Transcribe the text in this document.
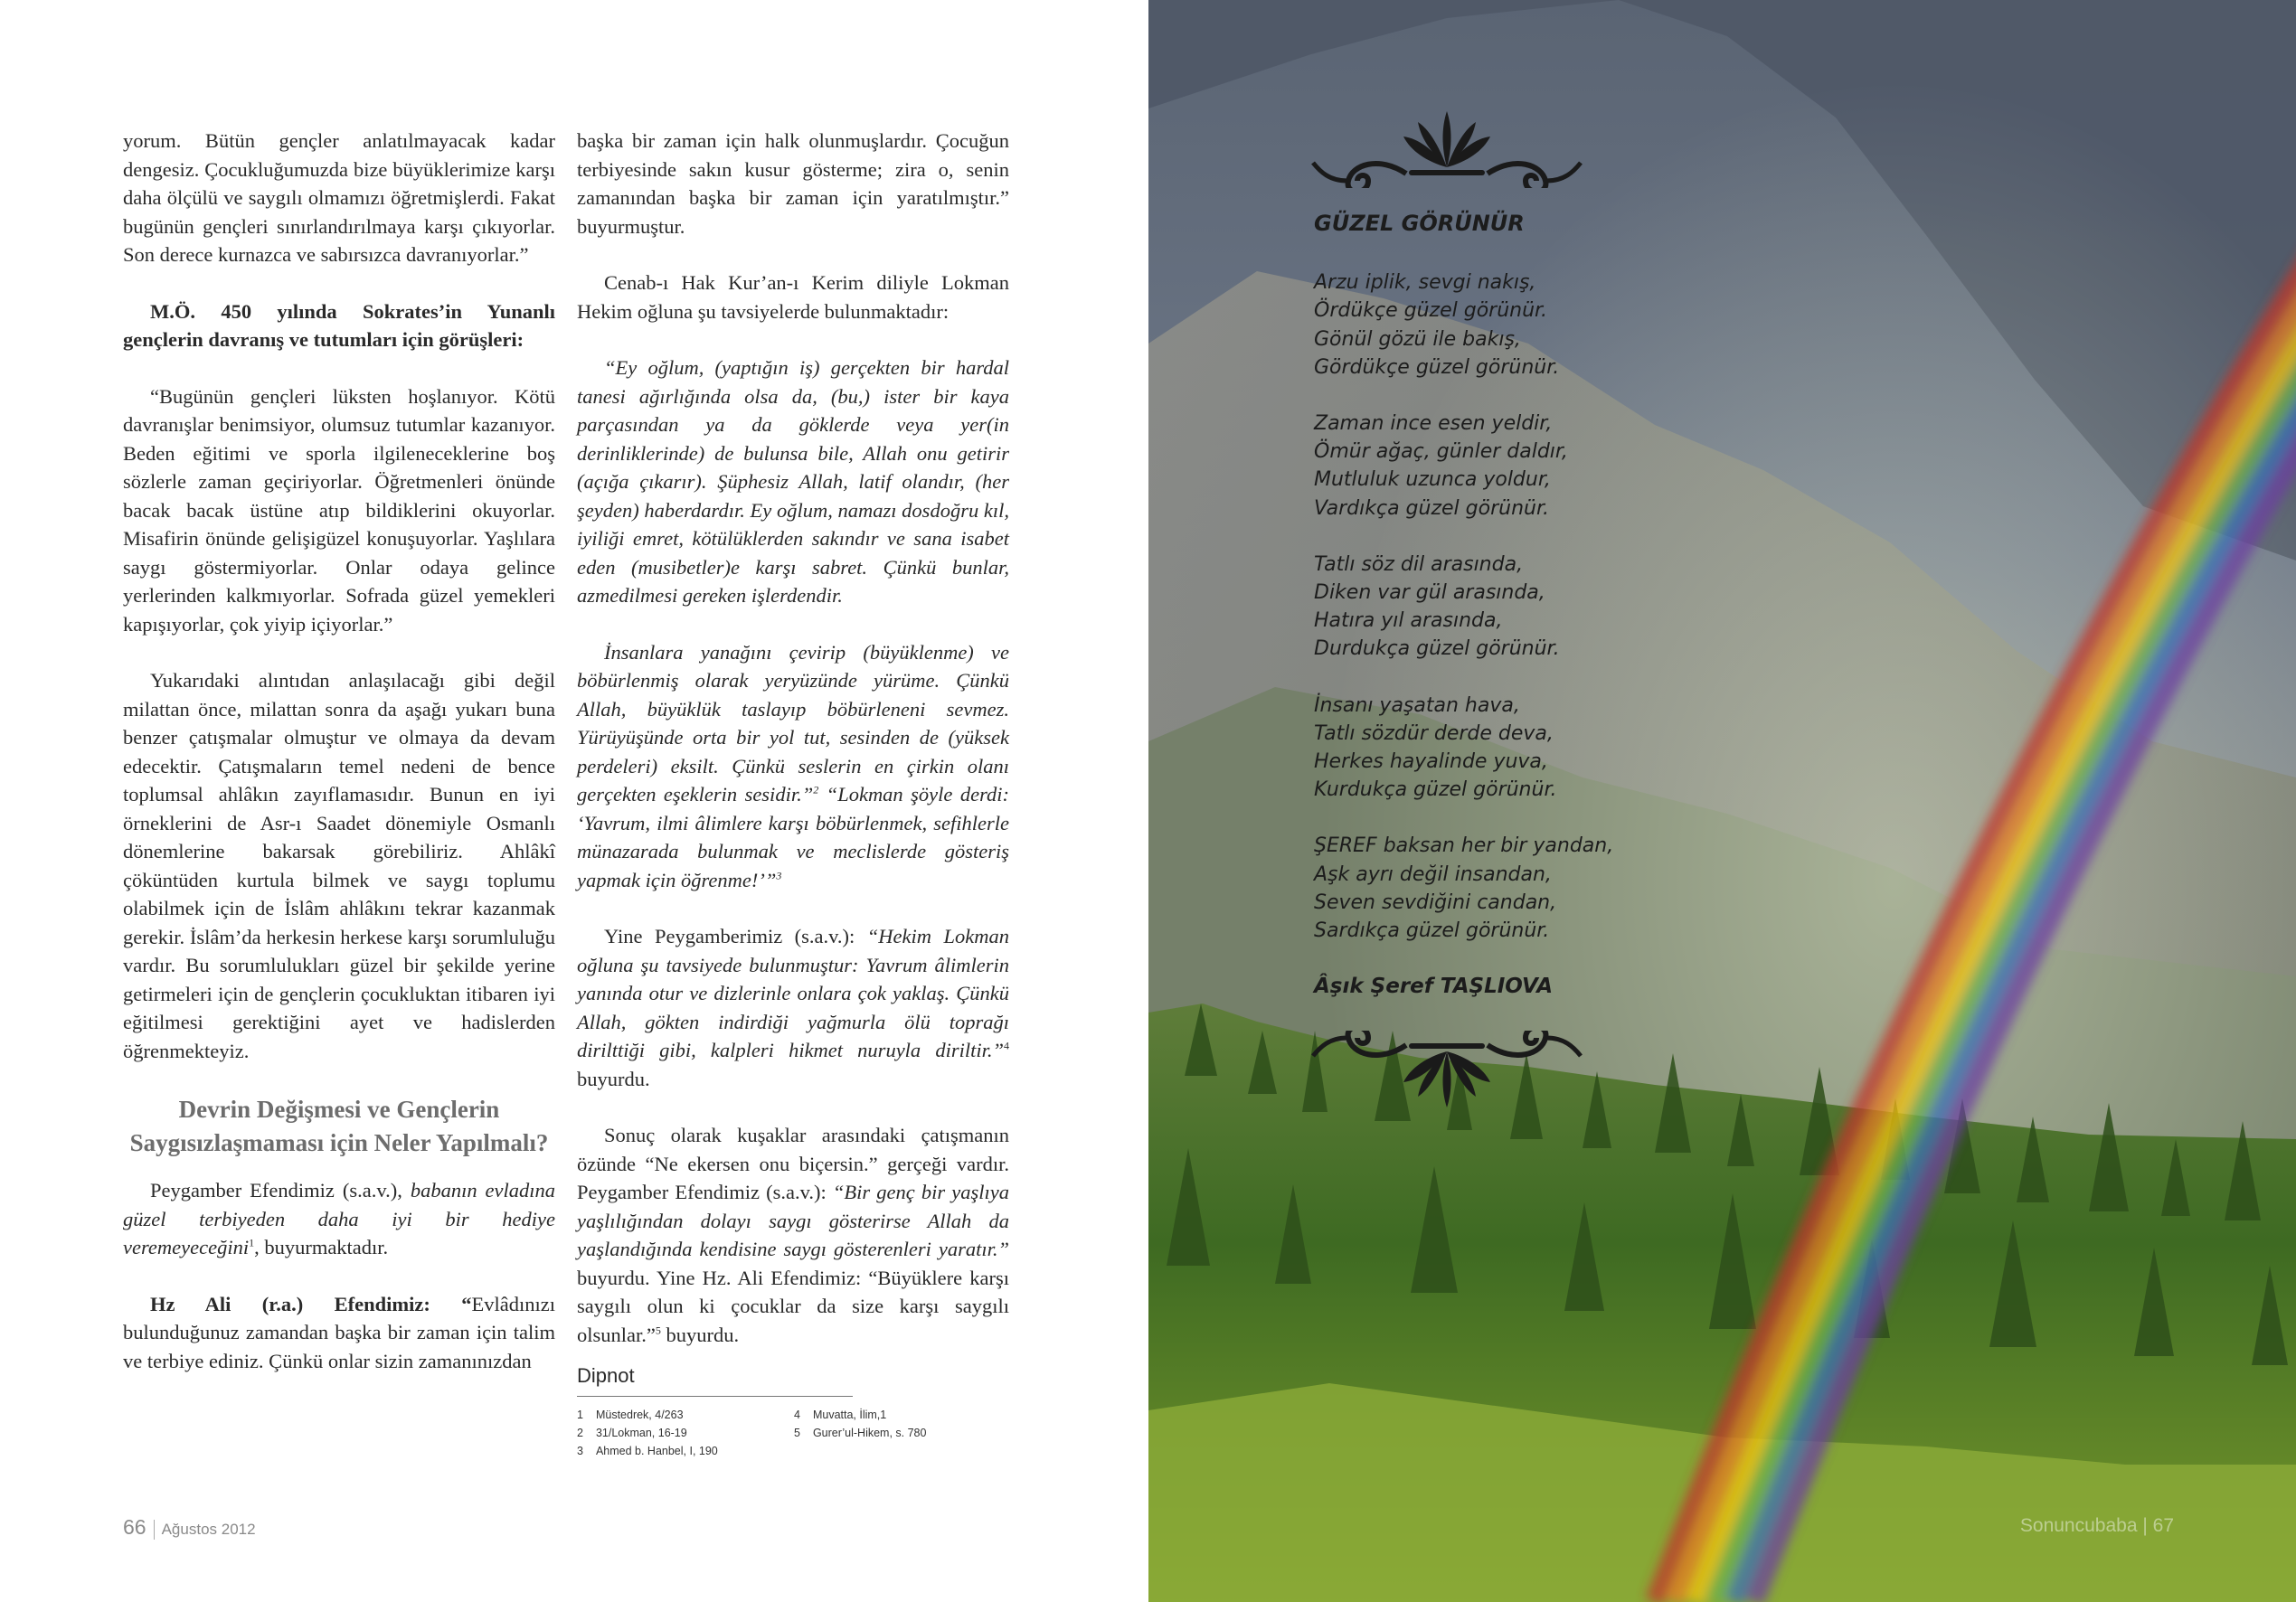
yorum. Bütün gençler anlatılmayacak kadar dengesiz. Çocukluğumuzda bize büyüklerimize karşı daha ölçülü ve saygılı olmamızı öğretmişlerdi. Fakat bugünün gençleri sınırlandırılmaya karşı çıkıyorlar. Son derece kurnazca ve sabırsızca davranıyorlar.”

M.Ö. 450 yılında Sokrates’in Yunanlı gençlerin davranış ve tutumları için görüşleri:

“Bugünün gençleri lüksten hoşlanıyor. Kötü davranışlar benimsiyor, olumsuz tutumlar kazanıyor. Beden eğitimi ve sporla ilgileneceklerine boş sözlerle zaman geçiriyorlar. Öğretmenleri önünde bacak bacak üstüne atıp bildiklerini okuyorlar. Misafirin önünde gelişigüzel konuşuyorlar. Yaşlılara saygı göstermiyorlar. Onlar odaya gelince yerlerinden kalkmıyorlar. Sofrada güzel yemekleri kapışıyorlar, çok yiyip içiyorlar.”

Yukarıdaki alıntıdan anlaşılacağı gibi değil milattan önce, milattan sonra da aşağı yukarı buna benzer çatışmalar olmuştur ve olmaya da devam edecektir. Çatışmaların temel nedeni de bence toplumsal ahlâkın zayıflamasıdır. Bunun en iyi örneklerini de Asr-ı Saadet dönemiyle Osmanlı dönemlerine bakarsak görebiliriz. Ahlâkî çöküntüden kurtula bilmek ve saygı toplumu olabilmek için de İslâm ahlâkını tekrar kazanmak gerekir. İslâm’da herkesin herkese karşı sorumluluğu vardır. Bu sorumlulukları güzel bir şekilde yerine getirmeleri için de gençlerin çocukluktan itibaren iyi eğitilmesi gerektiğini ayet ve hadislerden öğrenmekteyiz.

Devrin Değişmesi ve Gençlerin Saygısızlaşmaması için Neler Yapılmalı?

Peygamber Efendimiz (s.a.v.), babanın evladına güzel terbiyeden daha iyi bir hediye veremeyeceğini$^1$, buyurmaktadır.

Hz Ali (r.a.) Efendimiz: “Evlâdınızı bulunduğunuz zamandan başka bir zaman için talim ve terbiye ediniz. Çünkü onlar sizin zamanınızdan

başka bir zaman için halk olunmuşlardır. Çocuğun terbiyesinde sakın kusur gösterme; zira o, senin zamanından başka bir zaman için yaratılmıştır.” buyurmuştur.

Cenab-ı Hak Kur’an-ı Kerim diliyle Lokman Hekim oğluna şu tavsiyelerde bulunmaktadır:

“Ey oğlum, (yaptığın iş) gerçekten bir hardal tanesi ağırlığında olsa da, (bu,) ister bir kaya parçasından ya da göklerde veya yer(in derinliklerinde) de bulunsa bile, Allah onu getirir (açığa çıkarır). Şüphesiz Allah, latif olandır, (her şeyden) haberdardır. Ey oğlum, namazı dosdoğru kıl, iyiliği emret, kötülüklerden sakındır ve sana isabet eden (musibetler)e karşı sabret. Çünkü bunlar, azmedilmesi gereken işlerdendir.

İnsanlara yanağını çevirip (büyüklenme) ve böbürlenmiş olarak yeryüzünde yürüme. Çünkü Allah, büyüklük taslayıp böbürleneni sevmez. Yürüyüşünde orta bir yol tut, sesinden de (yüksek perdeleri) eksilt. Çünkü seslerin en çirkin olanı gerçekten eşeklerin sesidir.”$^2$ “Lokman şöyle derdi: ‘Yavrum, ilmi âlimlere karşı böbürlenmek, sefihlerle münazarada bulunmak ve meclislerde gösteriş yapmak için öğrenme!’”$^3$

Yine Peygamberimiz (s.a.v.): “Hekim Lokman oğluna şu tavsiyede bulunmuştur: Yavrum âlimlerin yanında otur ve dizlerinle onlara çok yaklaş. Çünkü Allah, gökten indirdiği yağmurla ölü toprağı dirilttiği gibi, kalpleri hikmet nuruyla diriltir.”$^4$ buyurdu.

Sonuç olarak kuşaklar arasındaki çatışmanın özünde “Ne ekersen onu biçersin.” gerçeği vardır. Peygamber Efendimiz (s.a.v.): “Bir genç bir yaşlıya yaşlılığından dolayı saygı gösterirse Allah da yaşlandığında kendisine saygı gösterenleri yaratır.” buyurdu. Yine Hz. Ali Efendimiz: “Büyüklere karşı saygılı olun ki çocuklar da size karşı saygılı olsunlar.”$^5$ buyurdu.

Dipnot
1 Müstedrek, 4/263
2 31/Lokman, 16-19
3 Ahmed b. Hanbel, I, 190
4 Muvatta, İlim,1
5 Gurer’ul-Hikem, s. 780
66 Ağustos 2012
GÜZEL GÖRÜNÜR
Arzu iplik, sevgi nakış,
Ördükçe güzel görünür.
Gönül gözü ile bakış,
Gördükçe güzel görünür.
Zaman ince esen yeldir,
Ömür ağaç, günler daldır,
Mutluluk uzunca yoldur,
Vardıkça güzel görünür.
Tatlı söz dil arasında,
Diken var gül arasında,
Hatıra yıl arasında,
Durdukça güzel görünür.
İnsanı yaşatan hava,
Tatlı sözdür derde deva,
Herkes hayalinde yuva,
Kurdukça güzel görünür.
ŞEREF baksan her bir yandan,
Aşk ayrı değil insandan,
Seven sevdiğini candan,
Sardıkça güzel görünür.
Âşık Şeref TAŞLIOVA
Sonuncubaba | 67
